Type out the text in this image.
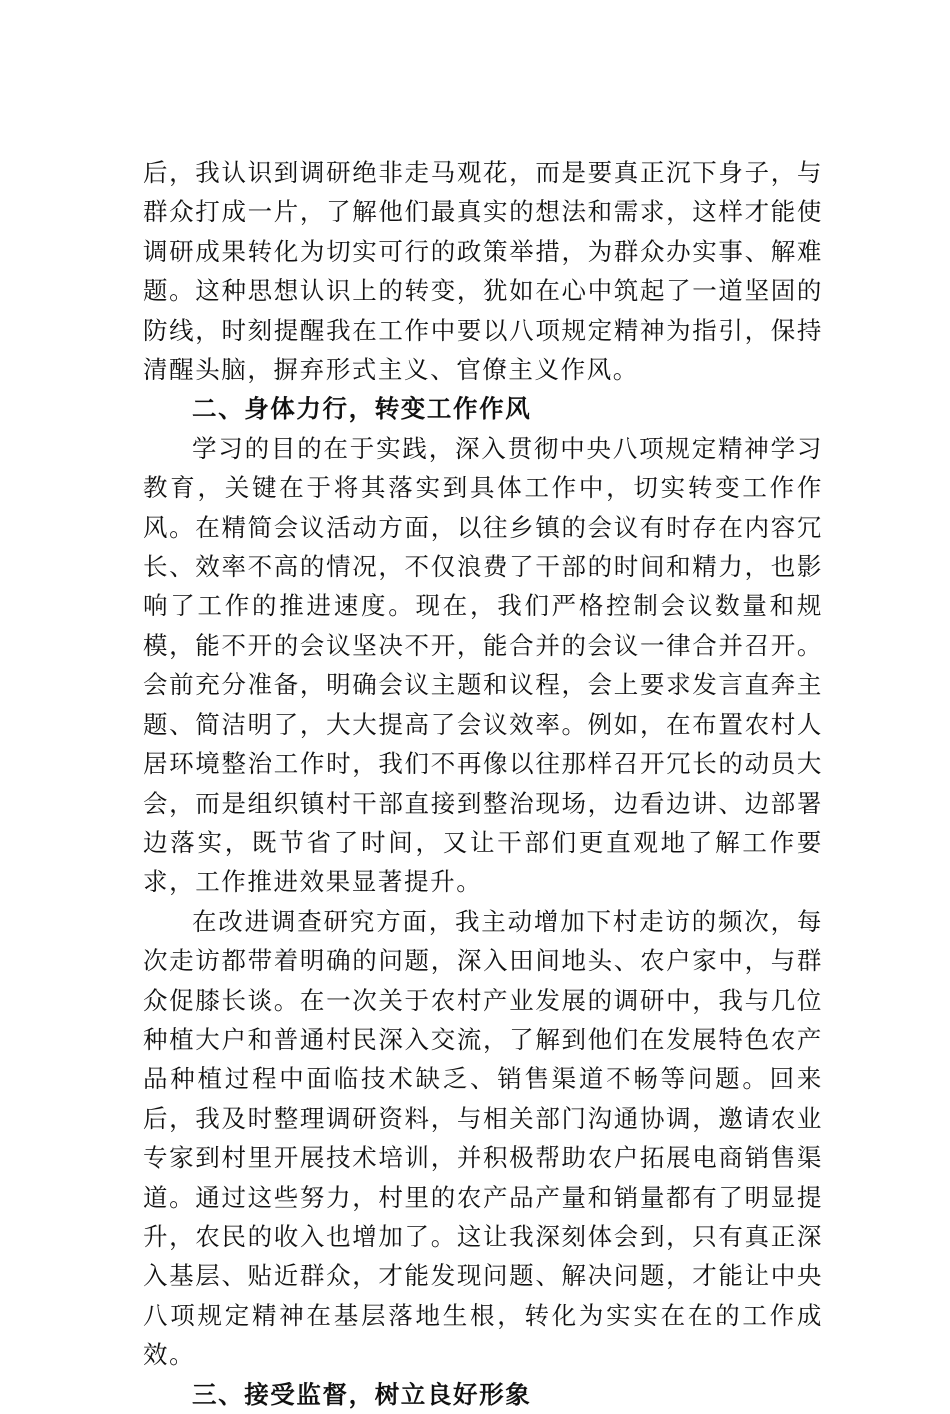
后，我认识到调研绝非走马观花，而是要真正沉下身子，与群众打成一片，了解他们最真实的想法和需求，这样才能使调研成果转化为切实可行的政策举措，为群众办实事、解难题。这种思想认识上的转变，犹如在心中筑起了一道坚固的防线，时刻提醒我在工作中要以八项规定精神为指引，保持清醒头脑，摒弃形式主义、官僚主义作风。

二、身体力行，转变工作作风

学习的目的在于实践，深入贯彻中央八项规定精神学习教育，关键在于将其落实到具体工作中，切实转变工作作风。在精简会议活动方面，以往乡镇的会议有时存在内容冗长、效率不高的情况，不仅浪费了干部的时间和精力，也影响了工作的推进速度。现在，我们严格控制会议数量和规模，能不开的会议坚决不开，能合并的会议一律合并召开。会前充分准备，明确会议主题和议程，会上要求发言直奔主题、简洁明了，大大提高了会议效率。例如，在布置农村人居环境整治工作时，我们不再像以往那样召开冗长的动员大会，而是组织镇村干部直接到整治现场，边看边讲、边部署边落实，既节省了时间，又让干部们更直观地了解工作要求，工作推进效果显著提升。

在改进调查研究方面，我主动增加下村走访的频次，每次走访都带着明确的问题，深入田间地头、农户家中，与群众促膝长谈。在一次关于农村产业发展的调研中，我与几位种植大户和普通村民深入交流，了解到他们在发展特色农产品种植过程中面临技术缺乏、销售渠道不畅等问题。回来后，我及时整理调研资料，与相关部门沟通协调，邀请农业专家到村里开展技术培训，并积极帮助农户拓展电商销售渠道。通过这些努力，村里的农产品产量和销量都有了明显提升，农民的收入也增加了。这让我深刻体会到，只有真正深入基层、贴近群众，才能发现问题、解决问题，才能让中央八项规定精神在基层落地生根，转化为实实在在的工作成效。

三、接受监督，树立良好形象
